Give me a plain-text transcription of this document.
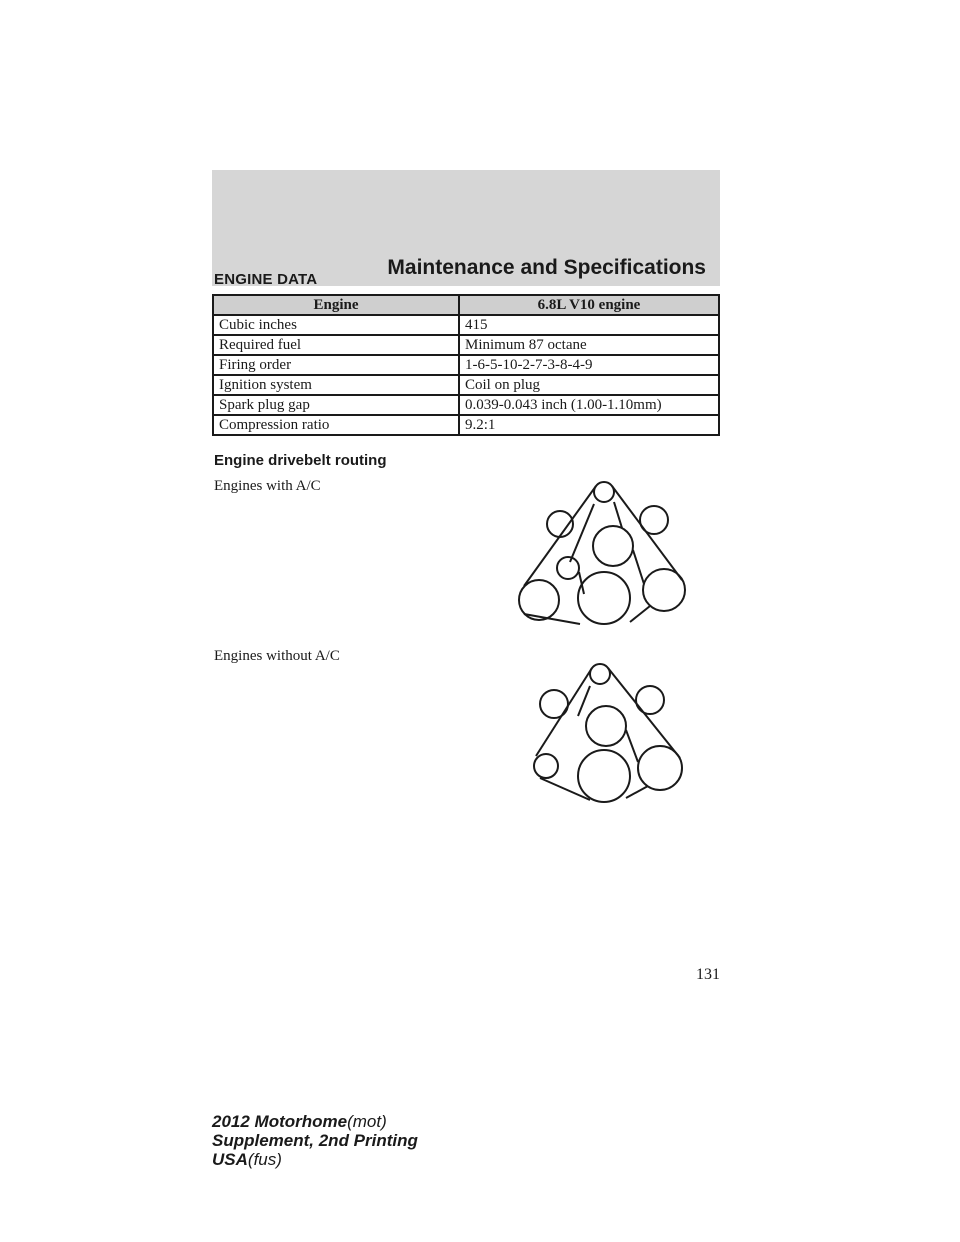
Maintenance and Specifications
ENGINE DATA
Engine	6.8L V10 engine
Cubic inches	415
Required fuel	Minimum 87 octane
Firing order	1-6-5-10-2-7-3-8-4-9
Ignition system	Coil on plug
Spark plug gap	0.039-0.043 inch (1.00-1.10mm)
Compression ratio	9.2:1
Engine drivebelt routing
Engines with A/C
Engines without A/C
131
2012 Motorhome(mot)
Supplement, 2nd Printing
USA(fus)
